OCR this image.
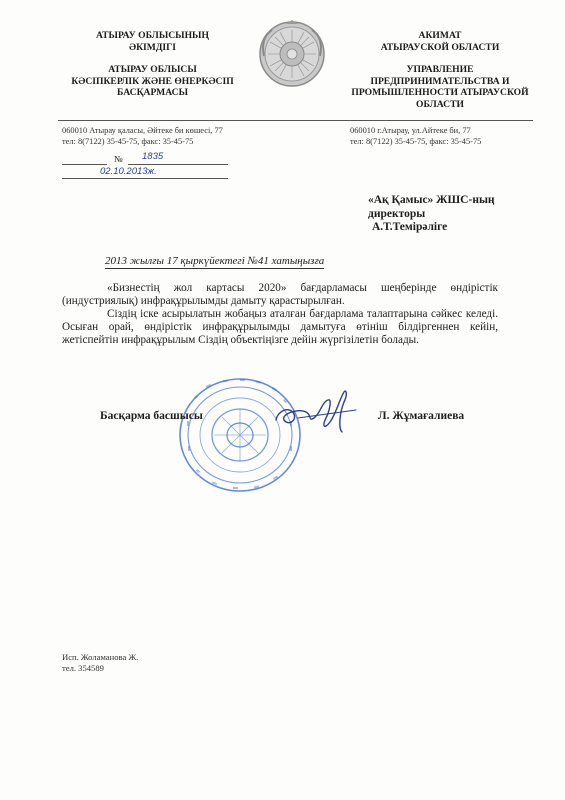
АТЫРАУ ОБЛЫСЫНЫҢ
ӘКІМДІГІ
АТЫРАУ ОБЛЫСЫ
КӘСІПКЕРЛІК ЖӘНЕ ӨНЕРКӘСІП
БАСҚАРМАСЫ
АКИМАТ
АТЫРАУСКОЙ ОБЛАСТИ
УПРАВЛЕНИЕ
ПРЕДПРИНИМАТЕЛЬСТВА И
ПРОМЫШЛЕННОСТИ АТЫРАУСКОЙ
ОБЛАСТИ
060010 Атырау қаласы, Әйтеке би көшесі, 77
тел: 8(7122) 35-45-75, факс: 35-45-75
060010 г.Атырау, ул.Айтеке би, 77
тел: 8(7122) 35-45-75, факс: 35-45-75
№ 1835
02.10.2013ж.
«Ақ Қамыс» ЖШС-ның
директоры
А.Т.Темірәліге
2013 жылғы 17 қыркүйектегі №41 хатыңызға
«Бизнестің жол картасы 2020» бағдарламасы шеңберінде өндірістік (индустриялық) инфрақұрылымды дамыту қарастырылған.
Сіздің іске асырылатын жобаңыз аталған бағдарлама талаптарына сәйкес келеді. Осыған орай, өндірістік инфрақұрылымды дамытуға өтініш білдіргеннен кейін, жетіспейтін инфрақұрылым Сіздің объектіңізге дейін жүргізілетін болады.
Басқарма басшысы	Л. Жұмағалиева
Исп. Жоламанова Ж.
тел. 354589
